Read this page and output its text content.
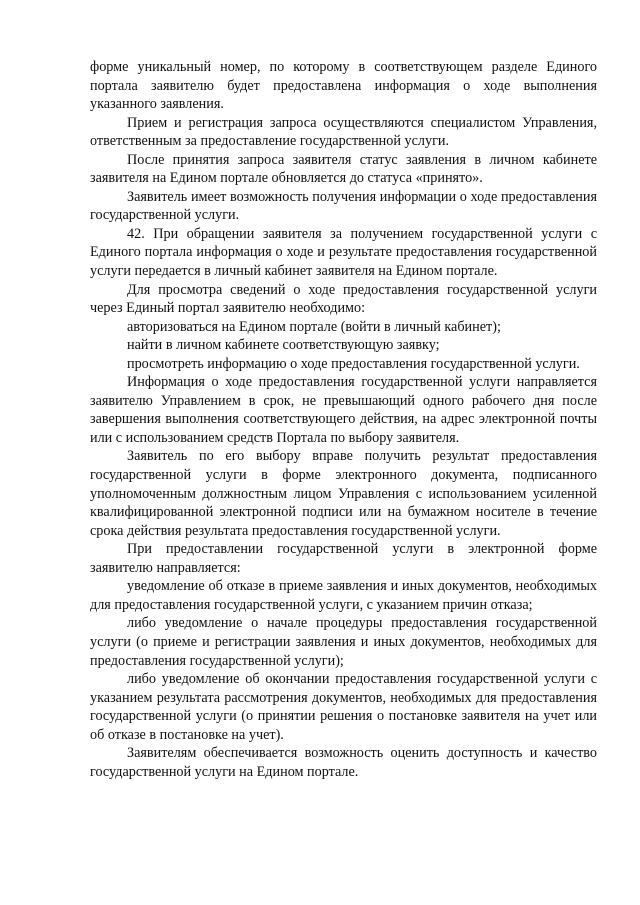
форме уникальный номер, по которому в соответствующем разделе Единого портала заявителю будет предоставлена информация о ходе выполнения указанного заявления.

Прием и регистрация запроса осуществляются специалистом Управления, ответственным за предоставление государственной услуги.

После принятия запроса заявителя статус заявления в личном кабинете заявителя на Едином портале обновляется до статуса «принято».

Заявитель имеет возможность получения информации о ходе предоставления государственной услуги.

42. При обращении заявителя за получением государственной услуги с Единого портала информация о ходе и результате предоставления государственной услуги передается в личный кабинет заявителя на Едином портале.

Для просмотра сведений о ходе предоставления государственной услуги через Единый портал заявителю необходимо:

авторизоваться на Едином портале (войти в личный кабинет);

найти в личном кабинете соответствующую заявку;

просмотреть информацию о ходе предоставления государственной услуги.

Информация о ходе предоставления государственной услуги направляется заявителю Управлением в срок, не превышающий одного рабочего дня после завершения выполнения соответствующего действия, на адрес электронной почты или с использованием средств Портала по выбору заявителя.

Заявитель по его выбору вправе получить результат предоставления государственной услуги в форме электронного документа, подписанного уполномоченным должностным лицом Управления с использованием усиленной квалифицированной электронной подписи или на бумажном носителе в течение срока действия результата предоставления государственной услуги.

При предоставлении государственной услуги в электронной форме заявителю направляется:

уведомление об отказе в приеме заявления и иных документов, необходимых для предоставления государственной услуги, с указанием причин отказа;

либо уведомление о начале процедуры предоставления государственной услуги (о приеме и регистрации заявления и иных документов, необходимых для предоставления государственной услуги);

либо уведомление об окончании предоставления государственной услуги с указанием результата рассмотрения документов, необходимых для предоставления государственной услуги (о принятии решения о постановке заявителя на учет или об отказе в постановке на учет).

Заявителям обеспечивается возможность оценить доступность и качество государственной услуги на Едином портале.
